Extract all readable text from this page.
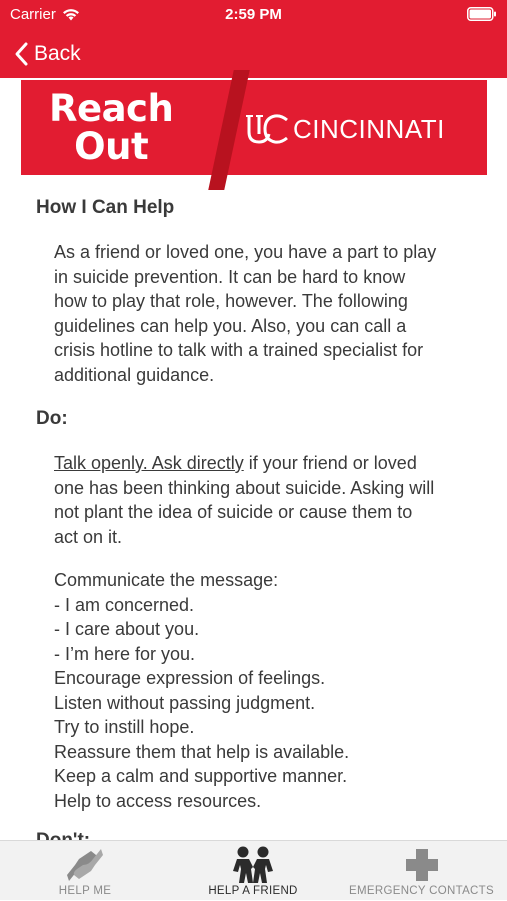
Carrier	2:59 PM
Back
Reach
Out	CINCINNATI
How I Can Help

As a friend or loved one, you have a part to play

in suicide prevention. It can be hard to know

how to play that role, however. The following

guidelines can help you. Also, you can call a

crisis hotline to talk with a trained specialist for

additional guidance.

Do:

Talk openly. Ask directly if your friend or loved

one has been thinking about suicide. Asking will

not plant the idea of suicide or cause them to

act on it.

Communicate the message:

- I am concerned.

- I care about you.

- I’m here for you.

Encourage expression of feelings.

Listen without passing judgment.

Try to instill hope.

Reassure them that help is available.

Keep a calm and supportive manner.

Help to access resources.

HELP ME	HELP A FRIEND	EMERGENCY CONTACTS
